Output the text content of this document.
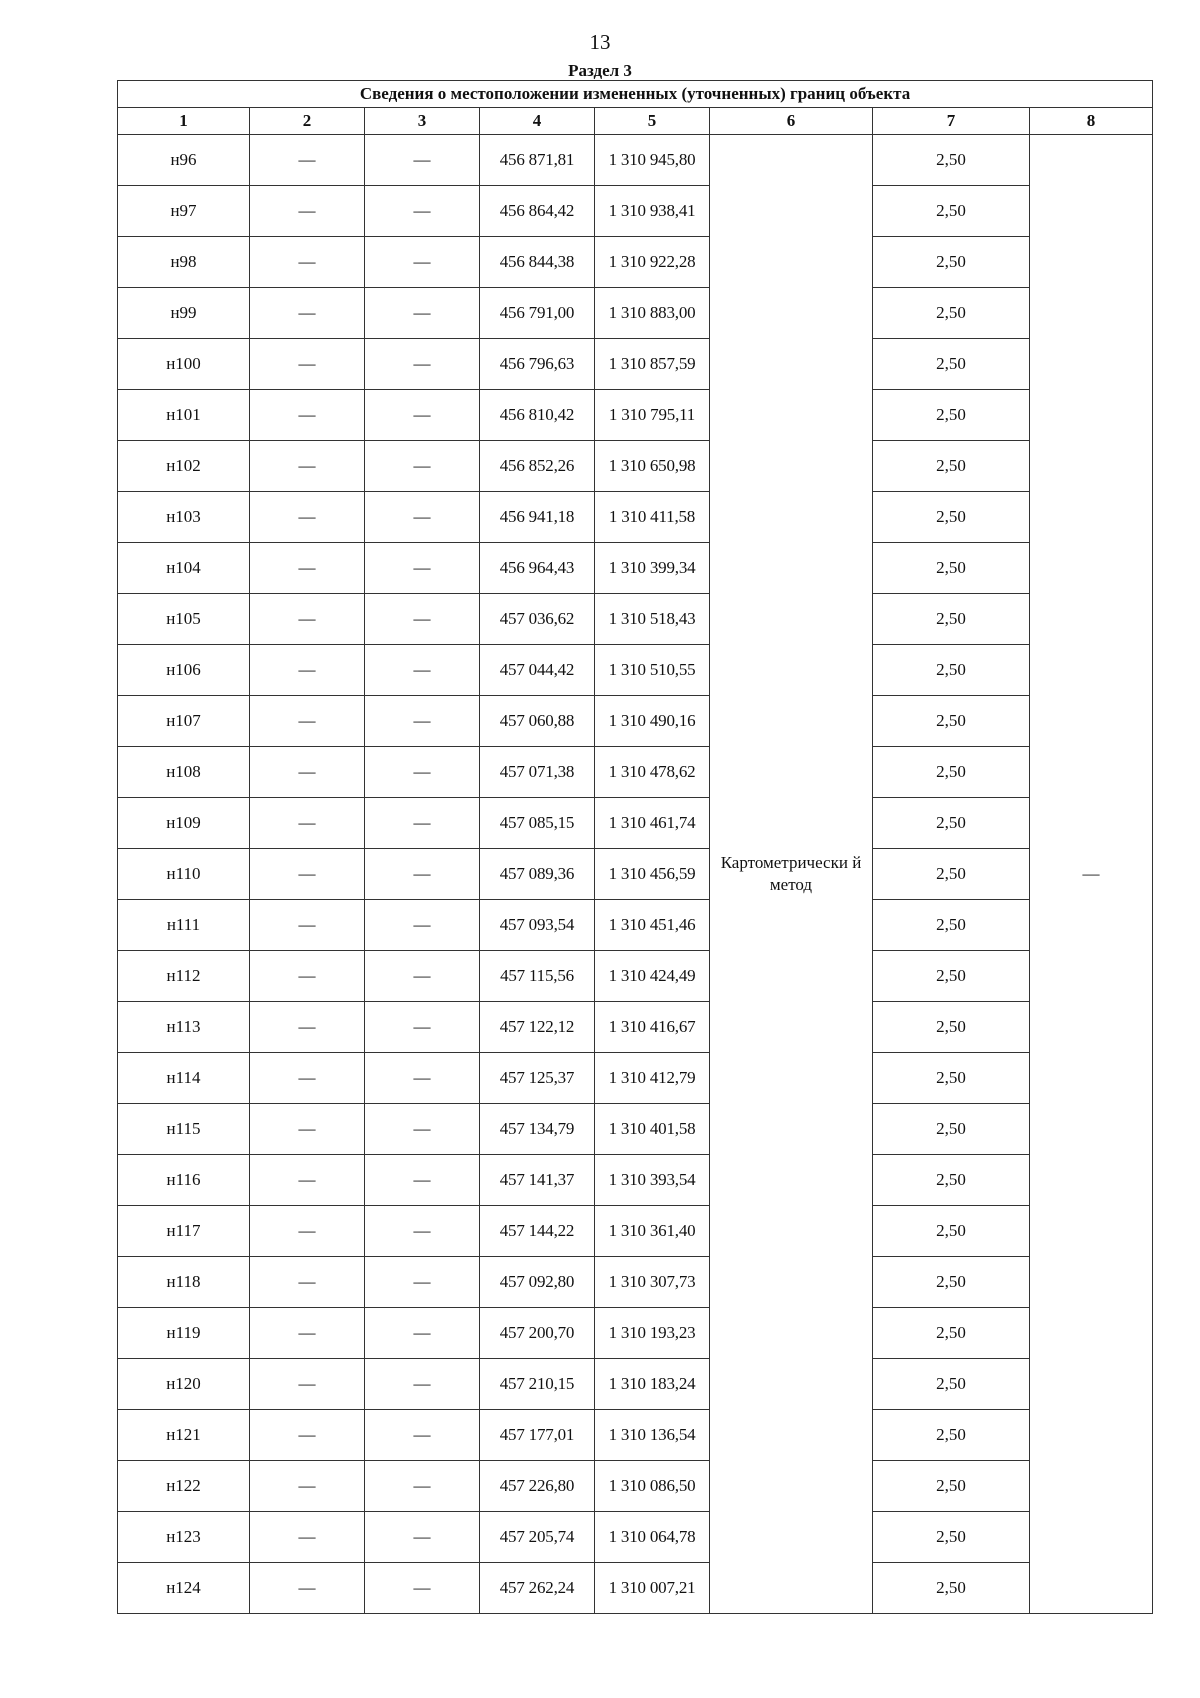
13
Раздел 3
Сведения о местоположении измененных (уточненных) границ объекта							
1	2	3	4	5	6	7	8
н96	—	—	456 871,81	1 310 945,80	Картометрически й метод	2,50	—
н97	—	—	456 864,42	1 310 938,41		2,50	
н98	—	—	456 844,38	1 310 922,28		2,50	
н99	—	—	456 791,00	1 310 883,00		2,50	
н100	—	—	456 796,63	1 310 857,59		2,50	
н101	—	—	456 810,42	1 310 795,11		2,50	
н102	—	—	456 852,26	1 310 650,98		2,50	
н103	—	—	456 941,18	1 310 411,58		2,50	
н104	—	—	456 964,43	1 310 399,34		2,50	
н105	—	—	457 036,62	1 310 518,43		2,50	
н106	—	—	457 044,42	1 310 510,55		2,50	
н107	—	—	457 060,88	1 310 490,16		2,50	
н108	—	—	457 071,38	1 310 478,62		2,50	
н109	—	—	457 085,15	1 310 461,74		2,50	
н110	—	—	457 089,36	1 310 456,59		2,50	
н111	—	—	457 093,54	1 310 451,46		2,50	
н112	—	—	457 115,56	1 310 424,49		2,50	
н113	—	—	457 122,12	1 310 416,67		2,50	
н114	—	—	457 125,37	1 310 412,79		2,50	
н115	—	—	457 134,79	1 310 401,58		2,50	
н116	—	—	457 141,37	1 310 393,54		2,50	
н117	—	—	457 144,22	1 310 361,40		2,50	
н118	—	—	457 092,80	1 310 307,73		2,50	
н119	—	—	457 200,70	1 310 193,23		2,50	
н120	—	—	457 210,15	1 310 183,24		2,50	
н121	—	—	457 177,01	1 310 136,54		2,50	
н122	—	—	457 226,80	1 310 086,50		2,50	
н123	—	—	457 205,74	1 310 064,78		2,50	
н124	—	—	457 262,24	1 310 007,21		2,50	
